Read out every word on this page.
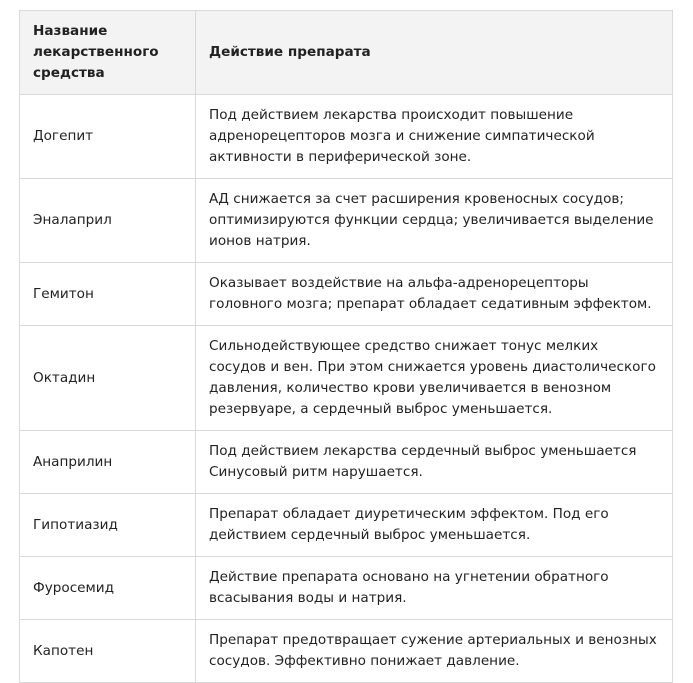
Название лекарственного средства	Действие препарата
Догепит	Под действием лекарства происходит повышение адренорецепторов мозга и снижение симпатической активности в периферической зоне.
Эналаприл	АД снижается за счет расширения кровеносных сосудов; оптимизируются функции сердца; увеличивается выделение ионов натрия.
Гемитон	Оказывает воздействие на альфа-адренорецепторы головного мозга; препарат обладает седативным эффектом.
Октадин	Сильнодействующее средство снижает тонус мелких сосудов и вен. При этом снижается уровень диастолического давления, количество крови увеличивается в венозном резервуаре, а сердечный выброс уменьшается.
Анаприлин	Под действием лекарства сердечный выброс уменьшается Синусовый ритм нарушается.
Гипотиазид	Препарат обладает диуретическим эффектом. Под его действием сердечный выброс уменьшается.
Фуросемид	Действие препарата основано на угнетении обратного всасывания воды и натрия.
Капотен	Препарат предотвращает сужение артериальных и венозных сосудов. Эффективно понижает давление.
